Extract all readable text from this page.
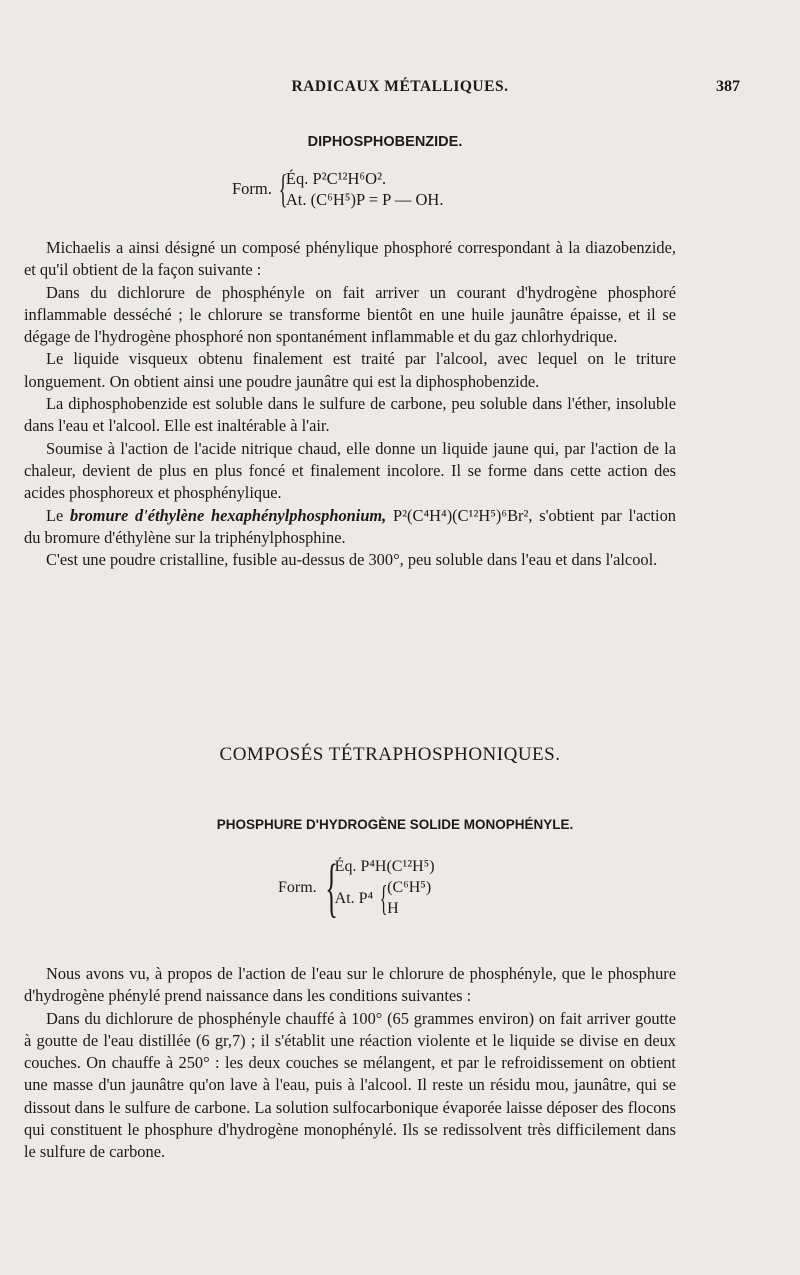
RADICAUX MÉTALLIQUES.	387
DIPHOSPHOBENZIDE.
Form. {
Éq. P²C¹²H⁶O².
At. (C⁶H⁵)P = P — OH.

Michaelis a ainsi désigné un composé phénylique phosphoré correspondant à la diazobenzide, et qu'il obtient de la façon suivante :

Dans du dichlorure de phosphényle on fait arriver un courant d'hydrogène phosphoré inflammable desséché ; le chlorure se transforme bientôt en une huile jaunâtre épaisse, et il se dégage de l'hydrogène phosphoré non spontanément inflammable et du gaz chlorhydrique.

Le liquide visqueux obtenu finalement est traité par l'alcool, avec lequel on le triture longuement. On obtient ainsi une poudre jaunâtre qui est la diphosphobenzide.

La diphosphobenzide est soluble dans le sulfure de carbone, peu soluble dans l'éther, insoluble dans l'eau et l'alcool. Elle est inaltérable à l'air.

Soumise à l'action de l'acide nitrique chaud, elle donne un liquide jaune qui, par l'action de la chaleur, devient de plus en plus foncé et finalement incolore. Il se forme dans cette action des acides phosphoreux et phosphénylique.

Le bromure d'éthylène hexaphénylphosphonium, P²(C⁴H⁴)(C¹²H⁵)⁶Br², s'obtient par l'action du bromure d'éthylène sur la triphénylphosphine.

C'est une poudre cristalline, fusible au-dessus de 300°, peu soluble dans l'eau et dans l'alcool.

COMPOSÉS TÉTRAPHOSPHONIQUES.
PHOSPHURE D'HYDROGÈNE SOLIDE MONOPHÉNYLE.
Form. {
Éq. P⁴H(C¹²H⁵)
At. P⁴ { (C⁶H⁵)
H

Nous avons vu, à propos de l'action de l'eau sur le chlorure de phosphényle, que le phosphure d'hydrogène phénylé prend naissance dans les conditions suivantes :

Dans du dichlorure de phosphényle chauffé à 100° (65 grammes environ) on fait arriver goutte à goutte de l'eau distillée (6 gr,7) ; il s'établit une réaction violente et le liquide se divise en deux couches. On chauffe à 250° : les deux couches se mélangent, et par le refroidissement on obtient une masse d'un jaunâtre qu'on lave à l'eau, puis à l'alcool. Il reste un résidu mou, jaunâtre, qui se dissout dans le sulfure de carbone. La solution sulfocarbonique évaporée laisse déposer des flocons qui constituent le phosphure d'hydrogène monophénylé. Ils se redissolvent très difficilement dans le sulfure de carbone.
